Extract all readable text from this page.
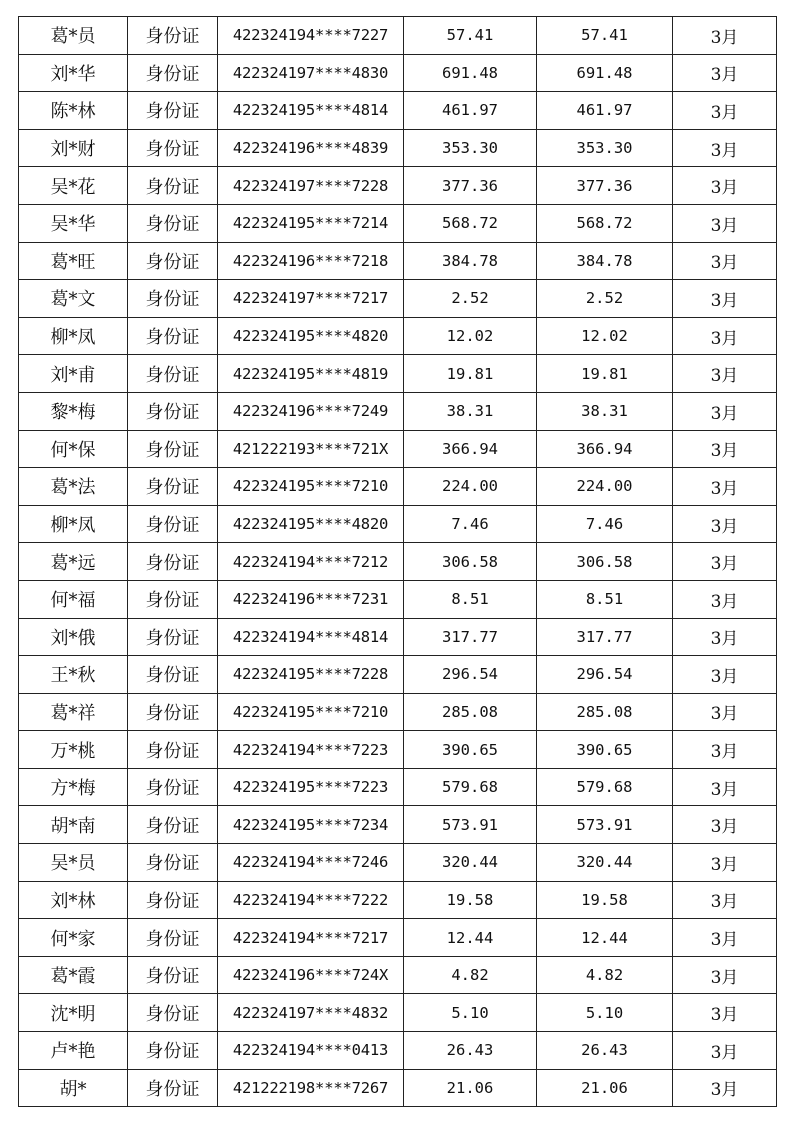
葛*员	身份证	422324194****7227	57.41	57.41	3月
刘*华	身份证	422324197****4830	691.48	691.48	3月
陈*林	身份证	422324195****4814	461.97	461.97	3月
刘*财	身份证	422324196****4839	353.30	353.30	3月
吴*花	身份证	422324197****7228	377.36	377.36	3月
吴*华	身份证	422324195****7214	568.72	568.72	3月
葛*旺	身份证	422324196****7218	384.78	384.78	3月
葛*文	身份证	422324197****7217	2.52	2.52	3月
柳*凤	身份证	422324195****4820	12.02	12.02	3月
刘*甫	身份证	422324195****4819	19.81	19.81	3月
黎*梅	身份证	422324196****7249	38.31	38.31	3月
何*保	身份证	421222193****721X	366.94	366.94	3月
葛*法	身份证	422324195****7210	224.00	224.00	3月
柳*凤	身份证	422324195****4820	7.46	7.46	3月
葛*远	身份证	422324194****7212	306.58	306.58	3月
何*福	身份证	422324196****7231	8.51	8.51	3月
刘*俄	身份证	422324194****4814	317.77	317.77	3月
王*秋	身份证	422324195****7228	296.54	296.54	3月
葛*祥	身份证	422324195****7210	285.08	285.08	3月
万*桃	身份证	422324194****7223	390.65	390.65	3月
方*梅	身份证	422324195****7223	579.68	579.68	3月
胡*南	身份证	422324195****7234	573.91	573.91	3月
吴*员	身份证	422324194****7246	320.44	320.44	3月
刘*林	身份证	422324194****7222	19.58	19.58	3月
何*家	身份证	422324194****7217	12.44	12.44	3月
葛*霞	身份证	422324196****724X	4.82	4.82	3月
沈*明	身份证	422324197****4832	5.10	5.10	3月
卢*艳	身份证	422324194****0413	26.43	26.43	3月
胡*	身份证	421222198****7267	21.06	21.06	3月
